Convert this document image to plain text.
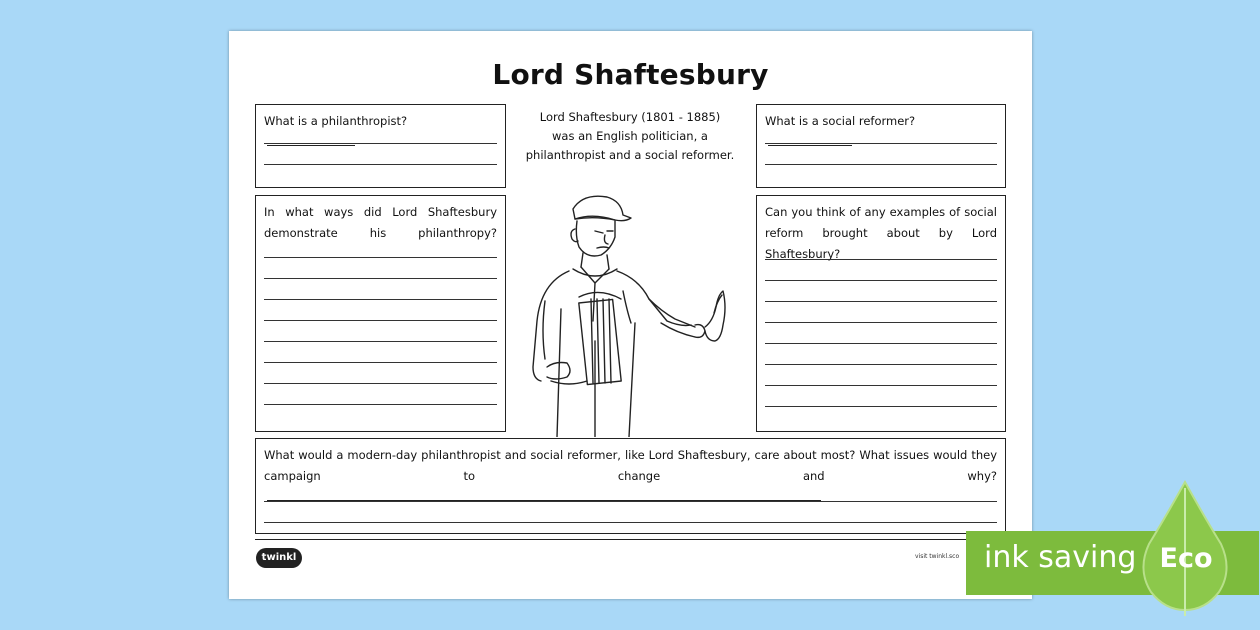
Lord Shaftesbury
What is a philanthropist?
In what ways did Lord Shaftesbury demonstrate his philanthropy?
Lord Shaftesbury (1801 - 1885)
was an English politician, a
philanthropist and a social reformer.
What is a social reformer?
Can you think of any examples of social reform brought about by Lord Shaftesbury?
What would a modern-day philanthropist and social reformer, like Lord Shaftesbury, care about most? What issues would they campaign to change and why?
twinkl	visit twinkl.sco ink saving Eco
